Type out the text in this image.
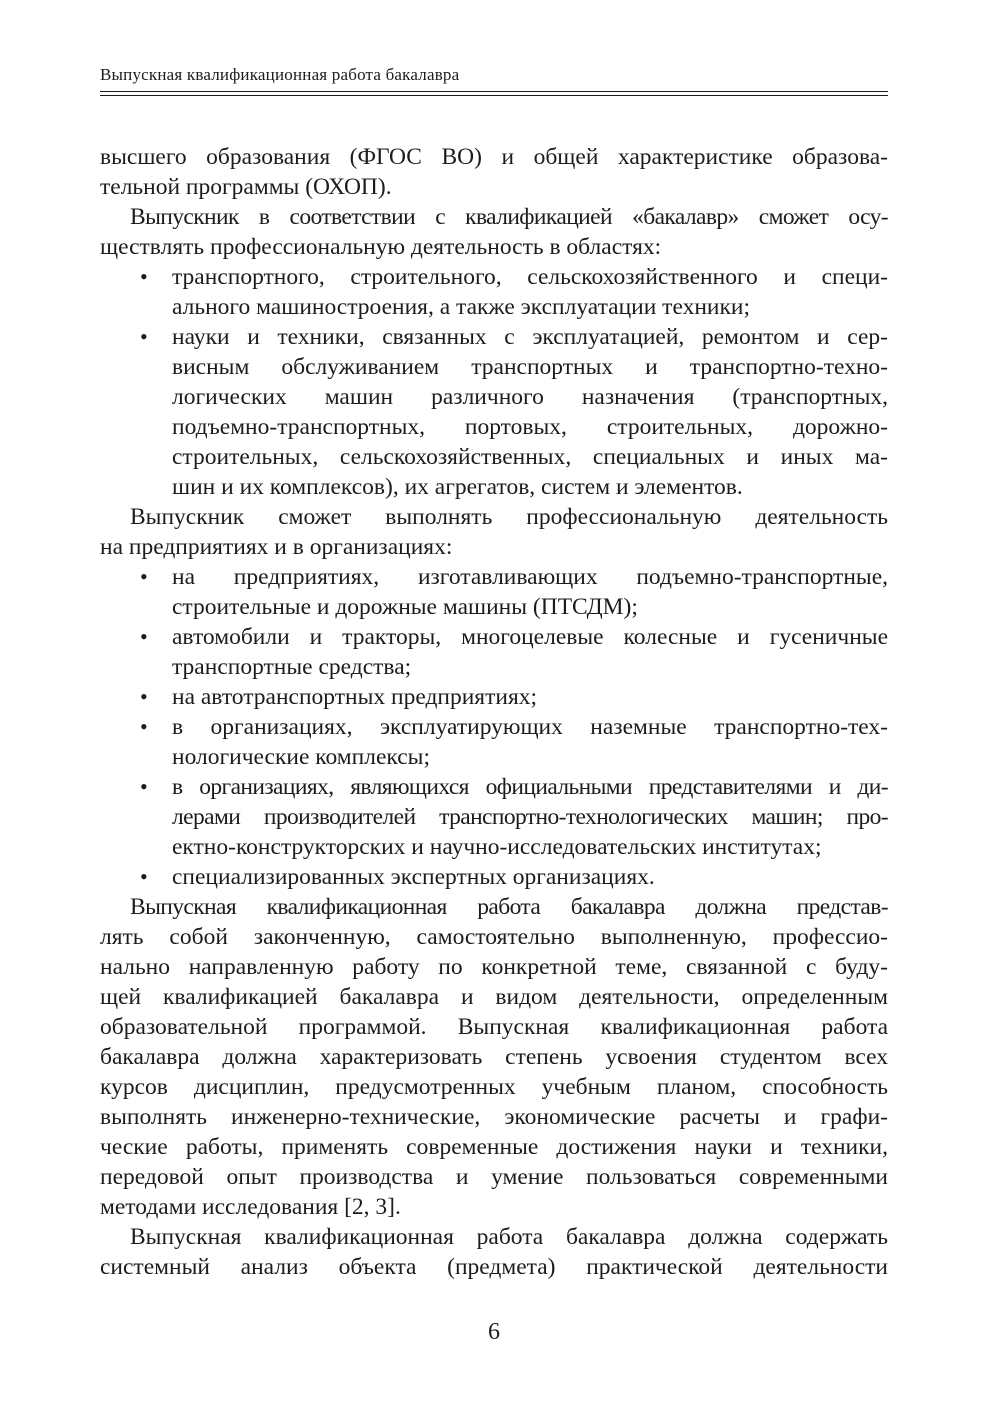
Выпускная квалификационная работа бакалавра
высшего образования (ФГОС ВО) и общей характеристике образова-
тельной программы (ОХОП).
Выпускник в соответствии с квалификацией «бакалавр» сможет осу-
ществлять профессиональную деятельность в областях:
•	транспортного, строительного, сельскохозяйственного и специ-
ального машиностроения, а также эксплуатации техники;
•	науки и техники, связанных с эксплуатацией, ремонтом и сер-
висным обслуживанием транспортных и транспортно-техно-
логических машин различного назначения (транспортных,
подъемно-транспортных, портовых, строительных, дорожно-
строительных, сельскохозяйственных, специальных и иных ма-
шин и их комплексов), их агрегатов, систем и элементов.
Выпускник сможет выполнять профессиональную деятельность
на предприятиях и в организациях:
•	на предприятиях, изготавливающих подъемно-транспортные,
строительные и дорожные машины (ПТСДМ);
•	автомобили и тракторы, многоцелевые колесные и гусеничные
транспортные средства;
•	на автотранспортных предприятиях;
•	в организациях, эксплуатирующих наземные транспортно-тех-
нологические комплексы;
•	в организациях, являющихся официальными представителями и ди-
лерами производителей транспортно-технологических машин; про-
ектно-конструкторских и научно-исследовательских институтах;
•	специализированных экспертных организациях.
Выпускная квалификационная работа бакалавра должна представ-
лять собой законченную, самостоятельно выполненную, профессио-
нально направленную работу по конкретной теме, связанной с буду-
щей квалификацией бакалавра и видом деятельности, определенным
образовательной программой. Выпускная квалификационная работа
бакалавра должна характеризовать степень усвоения студентом всех
курсов дисциплин, предусмотренных учебным планом, способность
выполнять инженерно-технические, экономические расчеты и графи-
ческие работы, применять современные достижения науки и техники,
передовой опыт производства и умение пользоваться современными
методами исследования [2, 3].
Выпускная квалификационная работа бакалавра должна содержать
системный анализ объекта (предмета) практической деятельности
6
